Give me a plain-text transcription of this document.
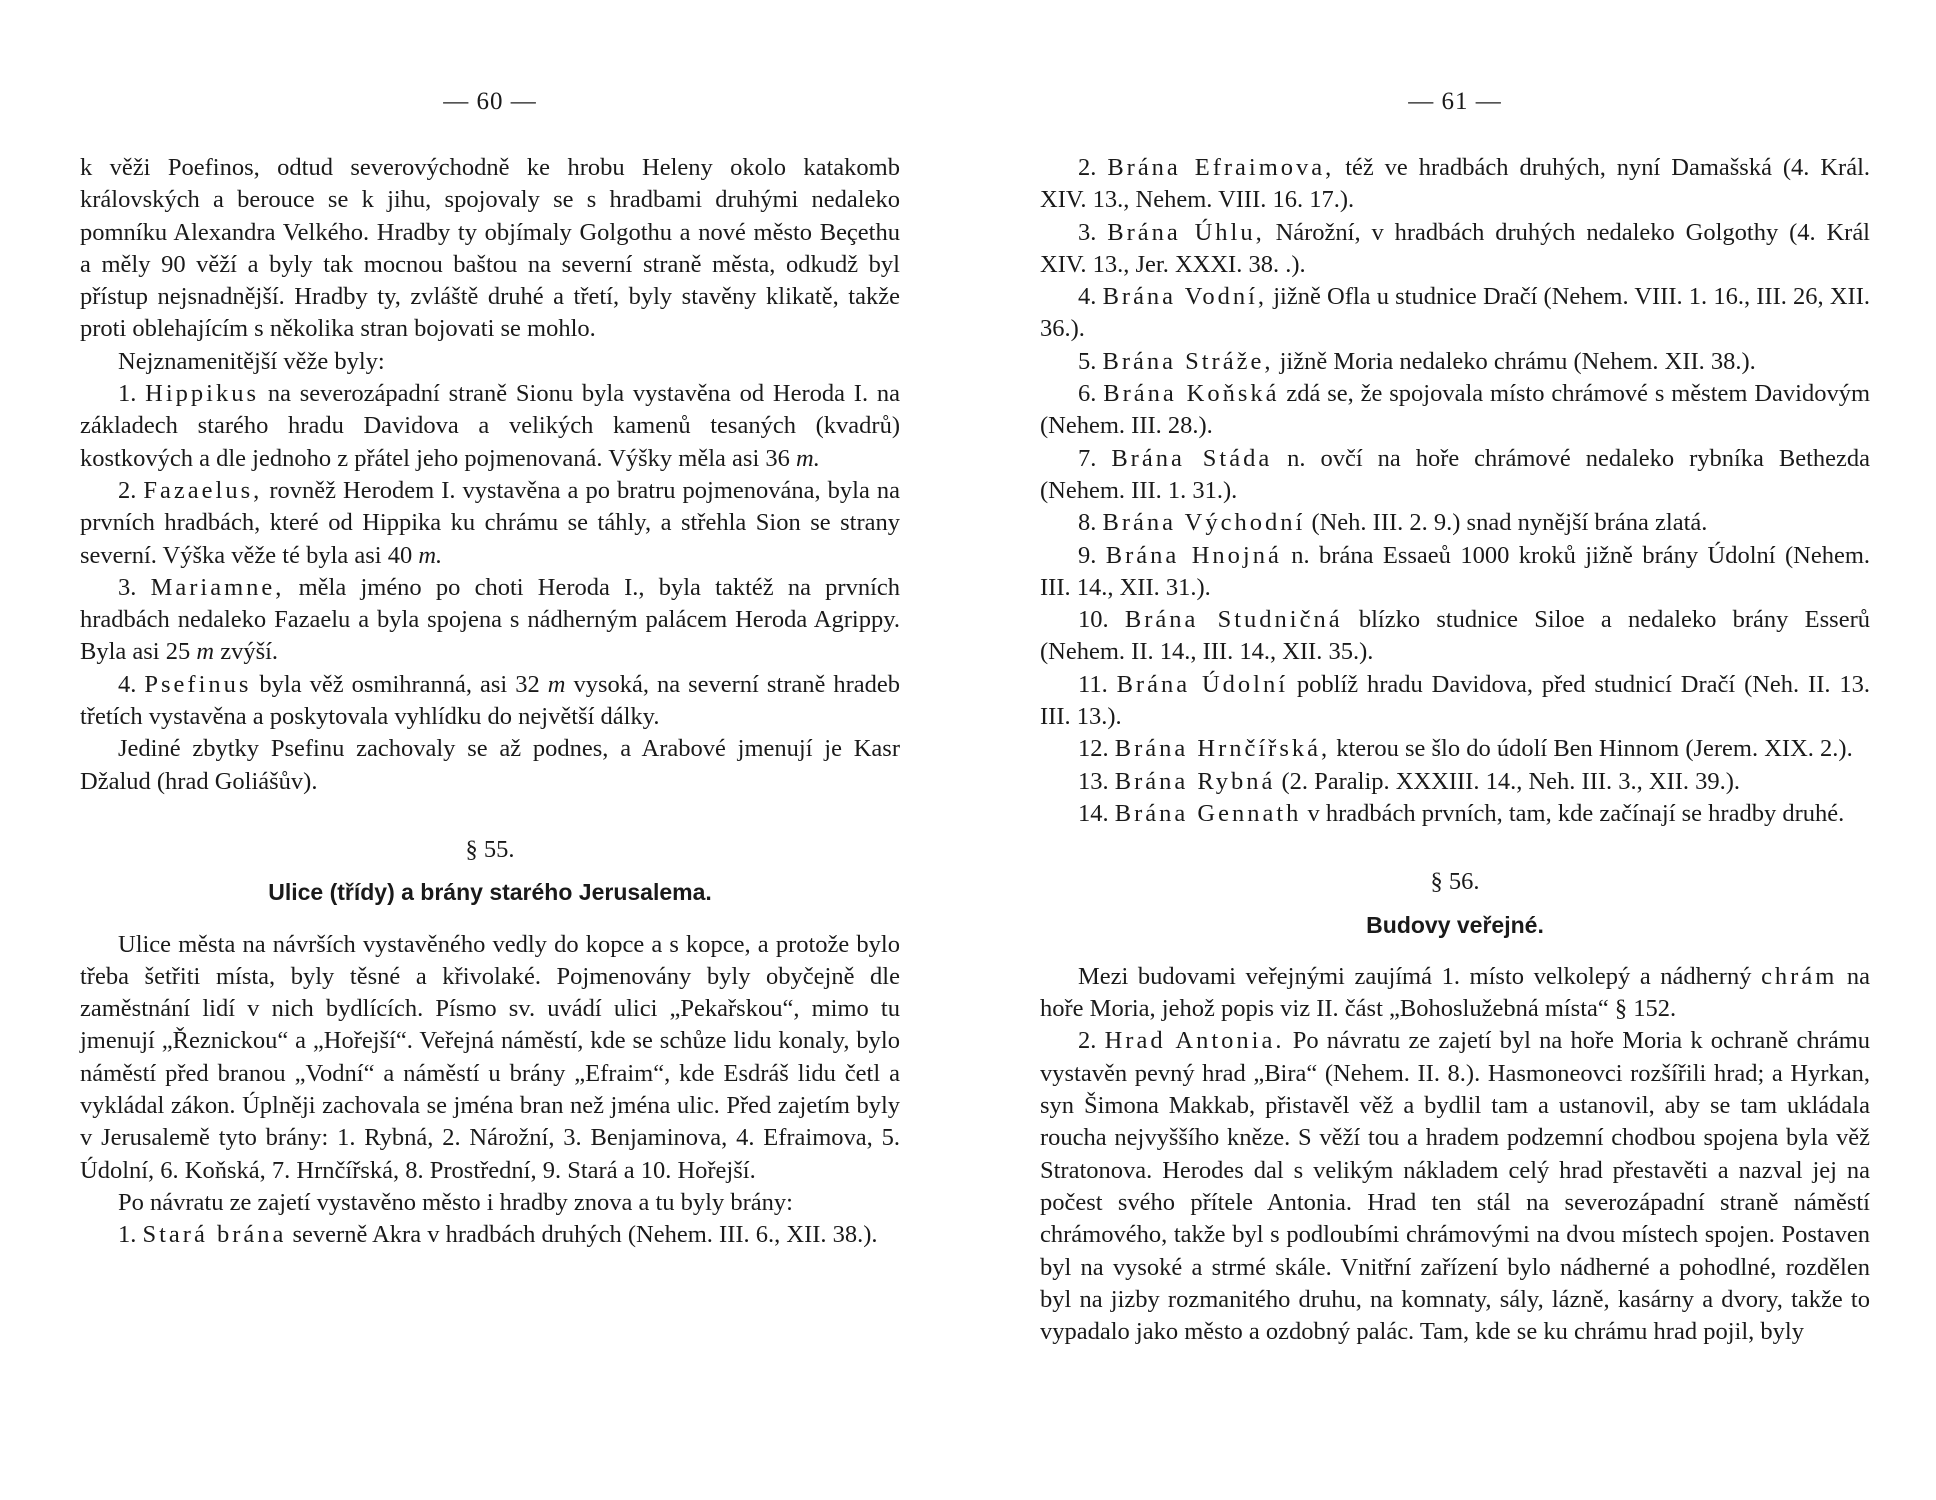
— 60 —

k věži Poefinos, odtud severovýchodně ke hrobu Heleny okolo katakomb královských a berouce se k jihu, spojovaly se s hradbami druhými nedaleko pomníku Alexandra Velkého. Hradby ty objímaly Golgothu a nové město Beçethu a měly 90 věží a byly tak mocnou baštou na severní straně města, odkudž byl přístup nejsnadnější. Hradby ty, zvláště druhé a třetí, byly stavěny klikatě, takže proti oblehajícím s několika stran bojovati se mohlo.

Nejznamenitější věže byly:

1. Hippikus na severozápadní straně Sionu byla vystavěna od Heroda I. na základech starého hradu Davidova a velikých kamenů tesaných (kvadrů) kostkových a dle jednoho z přátel jeho pojmenovaná. Výšky měla asi 36 m.

2. Fazaelus, rovněž Herodem I. vystavěna a po bratru pojmenována, byla na prvních hradbách, které od Hippika ku chrámu se táhly, a střehla Sion se strany severní. Výška věže té byla asi 40 m.

3. Mariamne, měla jméno po choti Heroda I., byla taktéž na prvních hradbách nedaleko Fazaelu a byla spojena s nádherným palácem Heroda Agrippy. Byla asi 25 m zvýší.

4. Psefinus byla věž osmihranná, asi 32 m vysoká, na severní straně hradeb třetích vystavěna a poskytovala vyhlídku do největší dálky.

Jediné zbytky Psefinu zachovaly se až podnes, a Arabové jmenují je Kasr Džalud (hrad Goliášův).

§ 55.

Ulice (třídy) a brány starého Jerusalema.

Ulice města na návrších vystavěného vedly do kopce a s kopce, a protože bylo třeba šetřiti místa, byly těsné a křivolaké. Pojmenovány byly obyčejně dle zaměstnání lidí v nich bydlících. Písmo sv. uvádí ulici „Pekařskou“, mimo tu jmenují „Řeznickou“ a „Hořejší“. Veřejná náměstí, kde se schůze lidu konaly, bylo náměstí před branou „Vodní“ a náměstí u brány „Efraim“, kde Esdráš lidu četl a vykládal zákon. Úplněji zachovala se jména bran než jména ulic. Před zajetím byly v Jerusalemě tyto brány: 1. Rybná, 2. Nárožní, 3. Benjaminova, 4. Efraimova, 5. Údolní, 6. Koňská, 7. Hrnčířská, 8. Prostřední, 9. Stará a 10. Hořejší.

Po návratu ze zajetí vystavěno město i hradby znova a tu byly brány:

1. Stará brána severně Akra v hradbách druhých (Nehem. III. 6., XII. 38.).

— 61 —

2. Brána Efraimova, též ve hradbách druhých, nyní Damašská (4. Král. XIV. 13., Nehem. VIII. 16. 17.).

3. Brána Úhlu, Nárožní, v hradbách druhých nedaleko Golgothy (4. Král XIV. 13., Jer. XXXI. 38. .).

4. Brána Vodní, jižně Ofla u studnice Dračí (Nehem. VIII. 1. 16., III. 26, XII. 36.).

5. Brána Stráže, jižně Moria nedaleko chrámu (Nehem. XII. 38.).

6. Brána Koňská zdá se, že spojovala místo chrámové s městem Davidovým (Nehem. III. 28.).

7. Brána Stáda n. ovčí na hoře chrámové nedaleko rybníka Bethezda (Nehem. III. 1. 31.).

8. Brána Východní (Neh. III. 2. 9.) snad nynější brána zlatá.

9. Brána Hnojná n. brána Essaeů 1000 kroků jižně brány Údolní (Nehem. III. 14., XII. 31.).

10. Brána Studničná blízko studnice Siloe a nedaleko brány Esserů (Nehem. II. 14., III. 14., XII. 35.).

11. Brána Údolní poblíž hradu Davidova, před studnicí Dračí (Neh. II. 13. III. 13.).

12. Brána Hrnčířská, kterou se šlo do údolí Ben Hinnom (Jerem. XIX. 2.).

13. Brána Rybná (2. Paralip. XXXIII. 14., Neh. III. 3., XII. 39.).

14. Brána Gennath v hradbách prvních, tam, kde začínají se hradby druhé.

§ 56.

Budovy veřejné.

Mezi budovami veřejnými zaujímá 1. místo velkolepý a nádherný chrám na hoře Moria, jehož popis viz II. část „Bohoslužebná místa“ § 152.

2. Hrad Antonia. Po návratu ze zajetí byl na hoře Moria k ochraně chrámu vystavěn pevný hrad „Bira“ (Nehem. II. 8.). Hasmoneovci rozšířili hrad; a Hyrkan, syn Šimona Makkab, přistavěl věž a bydlil tam a ustanovil, aby se tam ukládala roucha nejvyššího kněze. S věží tou a hradem podzemní chodbou spojena byla věž Stratonova. Herodes dal s velikým nákladem celý hrad přestavěti a nazval jej na počest svého přítele Antonia. Hrad ten stál na severozápadní straně náměstí chrámového, takže byl s podloubími chrámovými na dvou místech spojen. Postaven byl na vysoké a strmé skále. Vnitřní zařízení bylo nádherné a pohodlné, rozdělen byl na jizby rozmanitého druhu, na komnaty, sály, lázně, kasárny a dvory, takže to vypadalo jako město a ozdobný palác. Tam, kde se ku chrámu hrad pojil, byly
